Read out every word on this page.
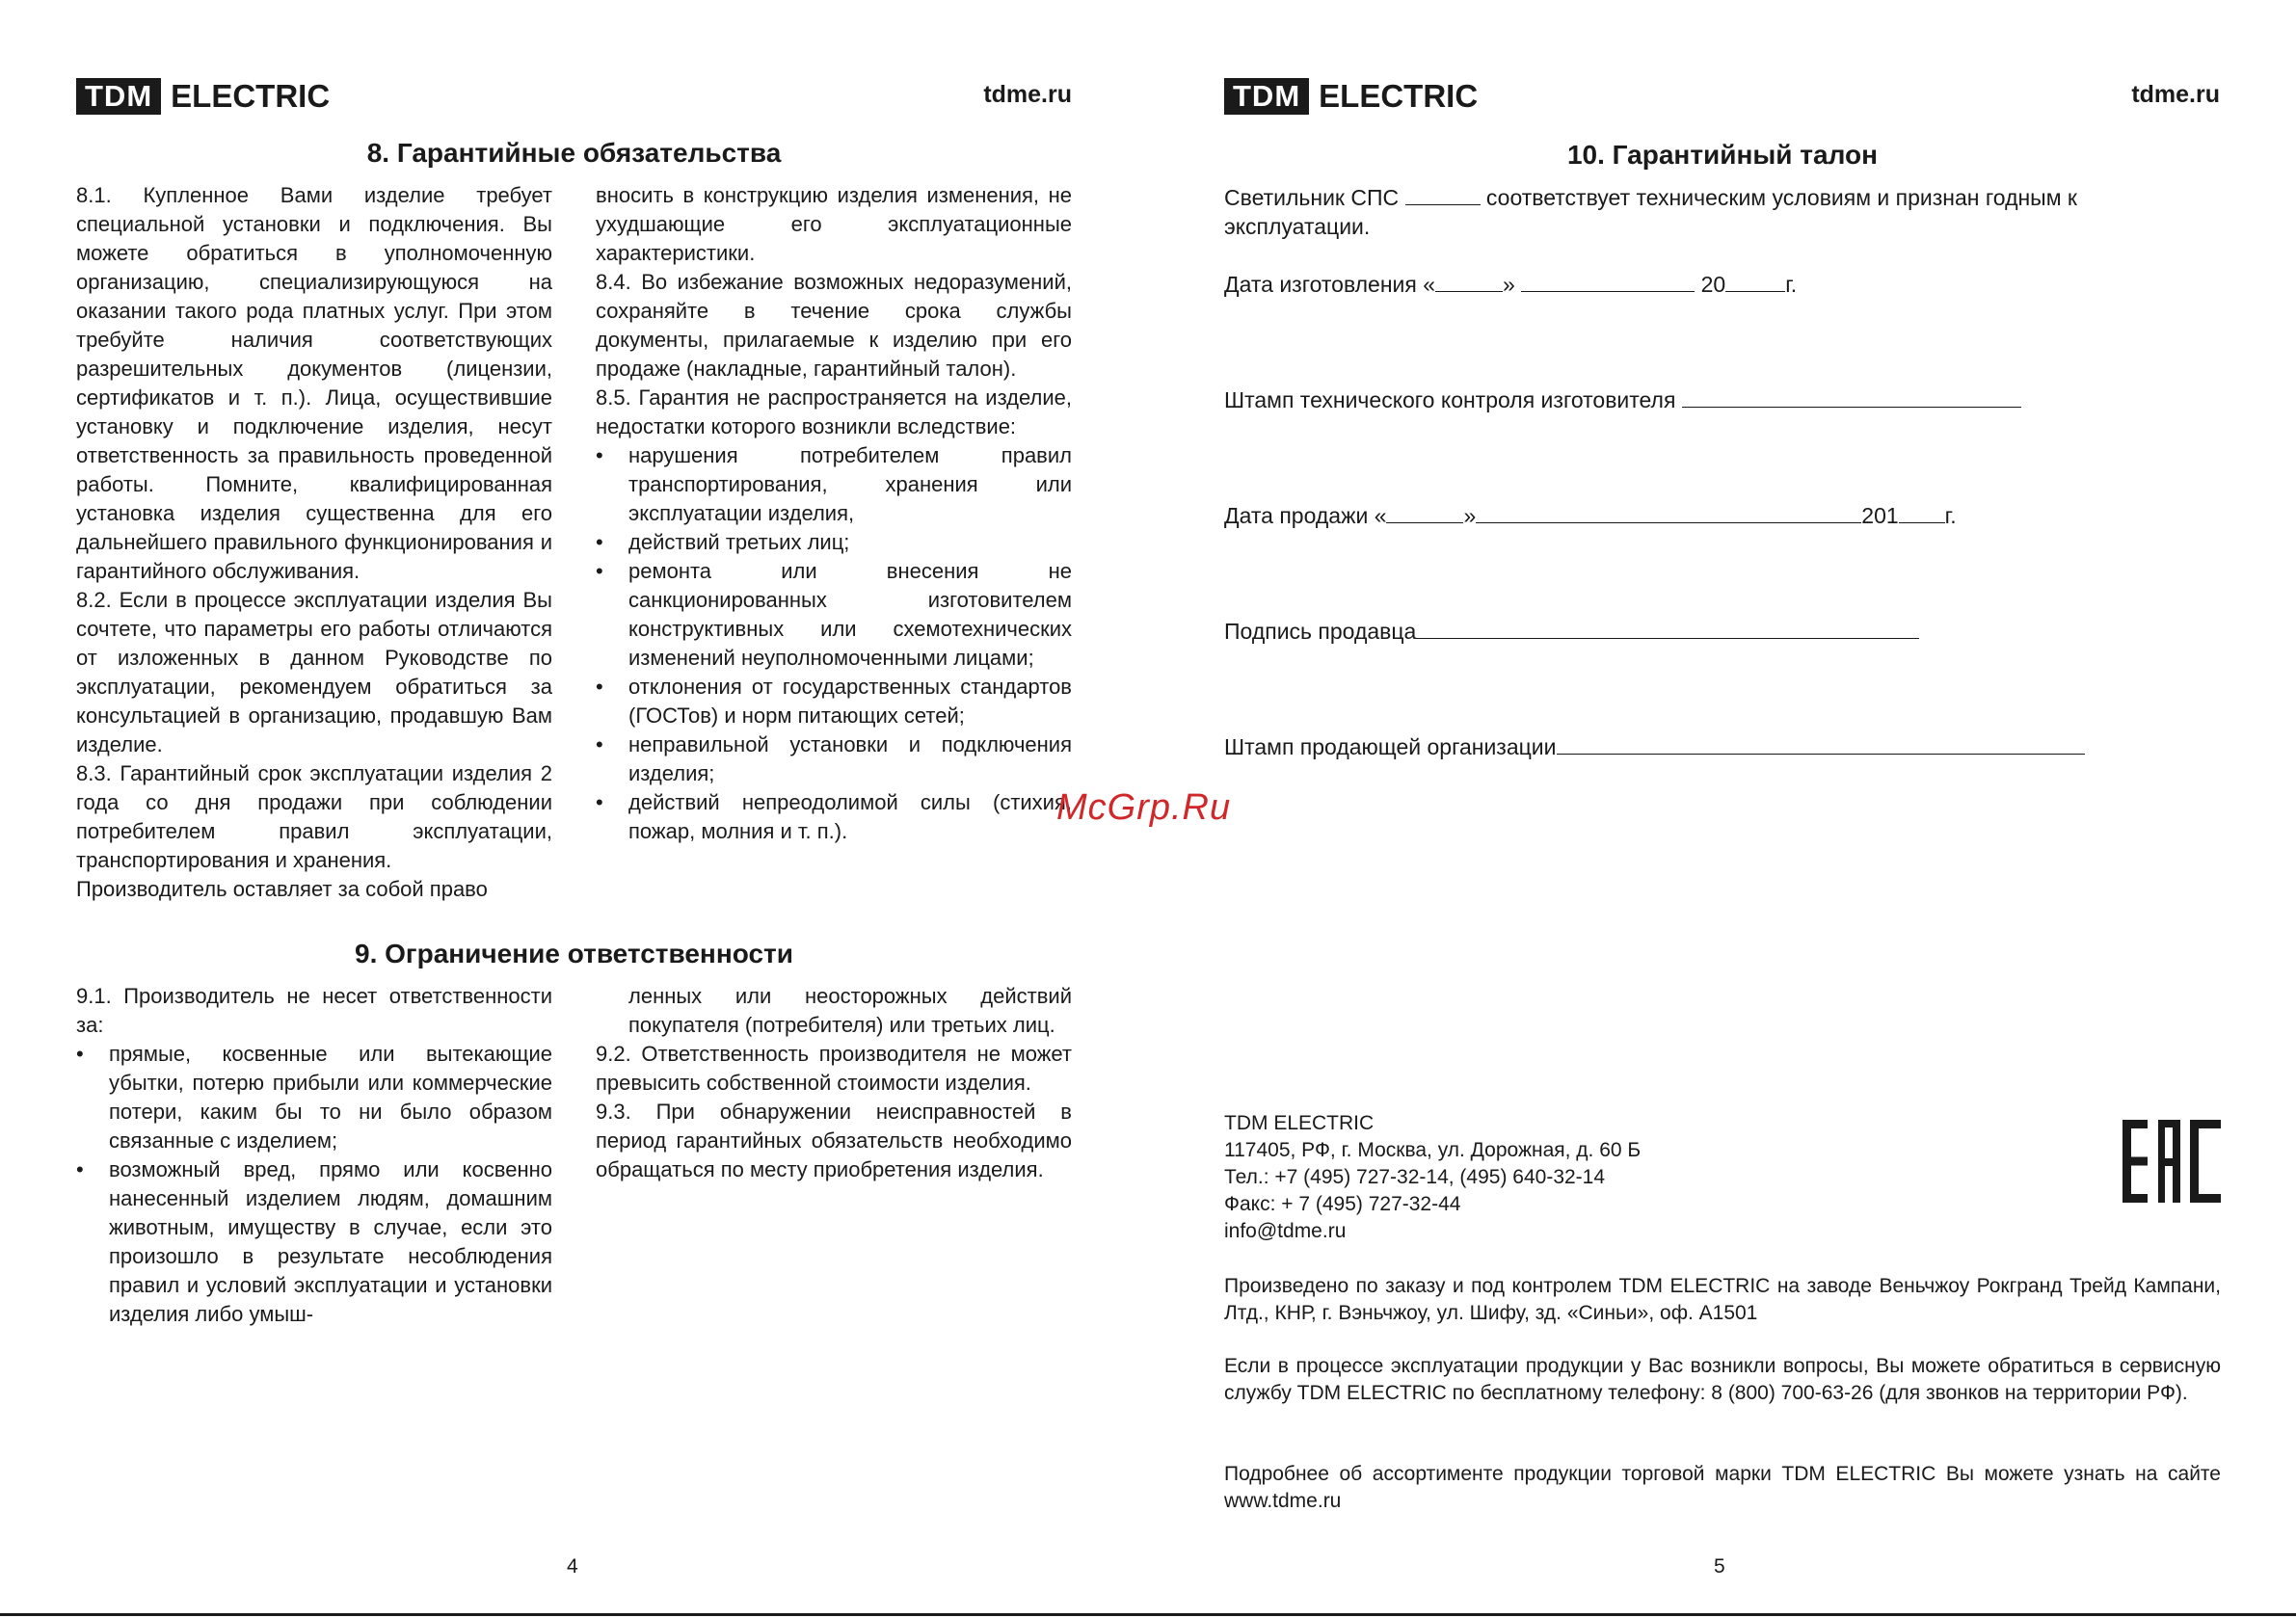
TDM ELECTRIC	tdme.ru
8. Гарантийные обязательства

8.1. Купленное Вами изделие требует специальной установки и подключения. Вы можете обратиться в уполномоченную организацию, специализирующуюся на оказании такого рода платных услуг. При этом требуйте наличия соответствующих разрешительных документов (лицензии, сертификатов и т. п.). Лица, осуществившие установку и подключение изделия, несут ответственность за правильность проведенной работы. Помните, квалифицированная установка изделия существенна для его дальнейшего правильного функционирования и гарантийного обслуживания.

8.2. Если в процессе эксплуатации изделия Вы сочтете, что параметры его работы отличаются от изложенных в данном Руководстве по эксплуатации, рекомендуем обратиться за консультацией в организацию, продавшую Вам изделие.

8.3. Гарантийный срок эксплуатации изделия 2 года со дня продажи при соблюдении потребителем правил эксплуатации, транспортирования и хранения.

Производитель оставляет за собой право

вносить в конструкцию изделия изменения, не ухудшающие его эксплуатационные характеристики.

8.4. Во избежание возможных недоразумений, сохраняйте в течение срока службы документы, прилагаемые к изделию при его продаже (накладные, гарантийный талон).

8.5. Гарантия не распространяется на изделие, недостатки которого возникли вследствие:

• нарушения потребителем правил транспортирования, хранения или эксплуатации изделия,

• действий третьих лиц;

• ремонта или внесения не санкционированных изготовителем конструктивных или схемотехнических изменений неуполномоченными лицами;

• отклонения от государственных стандартов (ГОСТов) и норм питающих сетей;

• неправильной установки и подключения изделия;

• действий непреодолимой силы (стихия, пожар, молния и т. п.).

9. Ограничение ответственности

9.1. Производитель не несет ответственности за:

• прямые, косвенные или вытекающие убытки, потерю прибыли или коммерческие потери, каким бы то ни было образом связанные с изделием;

• возможный вред, прямо или косвенно нанесенный изделием людям, домашним животным, имуществу в случае, если это произошло в результате несоблюдения правил и условий эксплуатации и установки изделия либо умыш-

ленных или неосторожных действий покупателя (потребителя) или третьих лиц.

9.2. Ответственность производителя не может превысить собственной стоимости изделия.

9.3. При обнаружении неисправностей в период гарантийных обязательств необходимо обращаться по месту приобретения изделия.

4
TDM ELECTRIC	tdme.ru
10. Гарантийный талон
Светильник СПС	соответствует техническим условиям и признан годным к
эксплуатации.
Дата изготовления «	»	20	г.
Штамп технического контроля изготовителя
Дата продажи «	»	201 г.
Подпись продавца
Штамп продающей организации

TDM ELECTRIC

117405, РФ, г. Москва, ул. Дорожная, д. 60 Б

Тел.: +7 (495) 727-32-14, (495) 640-32-14

Факс: + 7 (495) 727-32-44

info@tdme.ru

Произведено по заказу и под контролем TDM ELECTRIC на заводе Веньчжоу Рокгранд Трейд Кампани, Лтд., КНР, г. Вэньчжоу, ул. Шифу, зд. «Синьи», оф. А1501
Если в процессе эксплуатации продукции у Вас возникли вопросы, Вы можете обратиться в сервисную службу TDM ELECTRIC по бесплатному телефону: 8 (800) 700-63-26 (для звонков на территории РФ).
Подробнее об ассортименте продукции торговой марки TDM ELECTRIC Вы можете узнать на сайте www.tdme.ru
5
McGrp.Ru
